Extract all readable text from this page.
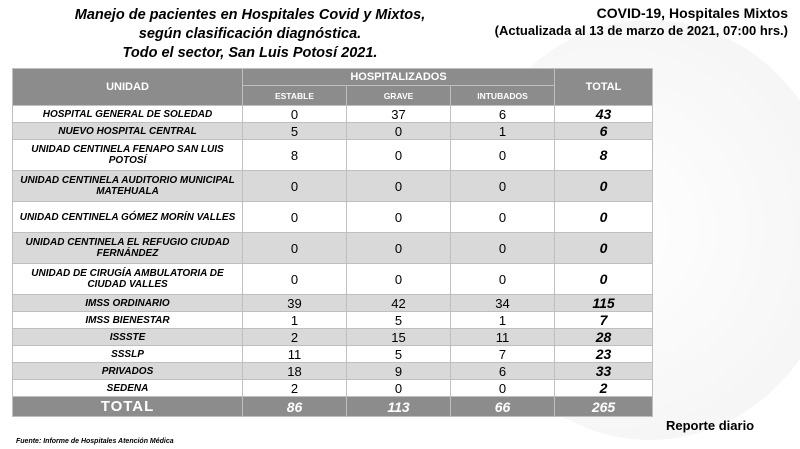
Manejo de pacientes en Hospitales Covid y Mixtos,
según clasificación diagnóstica.
Todo el sector, San Luis Potosí 2021.
COVID-19, Hospitales Mixtos
(Actualizada al 13 de marzo de 2021, 07:00 hrs.)
UNIDAD	HOSPITALIZADOS			TOTAL
	ESTABLE	GRAVE	INTUBADOS	
HOSPITAL GENERAL DE SOLEDAD	0	37	6	43
NUEVO HOSPITAL CENTRAL	5	0	1	6
UNIDAD CENTINELA FENAPO SAN LUIS POTOSÍ	8	0	0	8
UNIDAD CENTINELA AUDITORIO MUNICIPAL MATEHUALA	0	0	0	0
UNIDAD CENTINELA GÓMEZ MORÍN VALLES	0	0	0	0
UNIDAD CENTINELA EL REFUGIO CIUDAD FERNÁNDEZ	0	0	0	0
UNIDAD DE CIRUGÍA AMBULATORIA DE CIUDAD VALLES	0	0	0	0
IMSS ORDINARIO	39	42	34	115
IMSS BIENESTAR	1	5	1	7
ISSSTE	2	15	11	28
SSSLP	11	5	7	23
PRIVADOS	18	9	6	33
SEDENA	2	0	0	2
TOTAL	86	113	66	265
Fuente: Informe de Hospitales Atención Médica
Reporte diario
